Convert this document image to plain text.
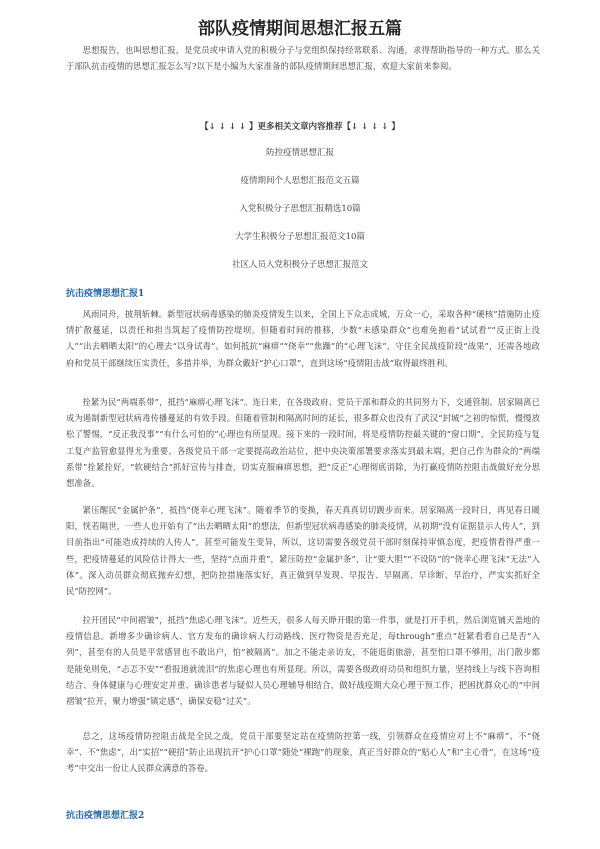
部队疫情期间思想汇报五篇

思想报告，也叫思想汇报，是党员或申请入党的积极分子与党组织保持经常联系、沟通，求得帮助指导的一种方式。那么关于部队抗击疫情的思想汇报怎么写?以下是小编为大家准备的部队疫情期间思想汇报，欢迎大家前来参阅。

【↓ ↓ ↓ ↓ 】更多相关文章内容推荐【↓ ↓ ↓ ↓ 】

防控疫情思想汇报

疫情期间个人思想汇报范文五篇

入党积极分子思想汇报精选10篇

大学生积极分子思想汇报范文10篇

社区人员入党积极分子思想汇报范文

抗击疫情思想汇报1

风雨同舟，披荆斩棘。新型冠状病毒感染的肺炎疫情发生以来，全国上下众志成城，万众一心，采取各种“硬核”措施防止疫情扩散蔓延，以责任和担当筑起了疫情防控堤坝。但随着时间的推移，少数“未感染群众”也难免抱着“试试看”“反正街上没人”“出去晒晒太阳”的心理去“以身试毒”。如何抵抗“麻痹”“侥幸”“焦躁”的“心理飞沫”，守住全民战疫阶段“战果”，还需各地政府和党员干部继续压实责任，多措并举，为群众戴好“护心口罩”，直到这场“疫情阻击战”取得最终胜利。

拴紧为民“两端系带”，抵挡“麻痹心理飞沫”。连日来，在各级政府、党员干部和群众的共同努力下，交通管制、居家隔离已成为遏制新型冠状病毒传播蔓延的有效手段。但随着管制和隔离时间的延长，很多群众也没有了武汉“封城”之初的惊慌，慢慢放松了警惕，“反正我没事”“有什么可怕的”心理也有所显现。接下来的一段时间，将是疫情防控最关键的“窗口期”，全民防疫与复工复产监管愈显得尤为重要。各级党员干部一定要提高政治站位，把中央决策部署要求落实到最末端，把自己作为群众的“两端系带”拴紧拴好，“软硬结合”抓好宣传与排查，切实克服麻痹思想，把“反正”心理彻底消除，为打赢疫情防控阻击战做好充分思想准备。

紧压醒民“金属护条”，抵挡“侥幸心理飞沫”。随着季节的变换，春天真真切切踱步而来。居家隔离一段时日，再见春日暖阳，恍若隔世，一些人也开始有了“出去晒晒太阳”的想法，但新型冠状病毒感染的肺炎疫情，从初期“没有证据显示人传人”，到目前指出“可能造成持续的人传人”，甚至可能发生变异，所以，这切需要各级党员干部时刻保持审慎态度，把疫情看得严重一些，把疫情蔓延的风险估计得大一些，坚持“点面并重”，紧压防控“金属护条”，让“要大胆”“不设防”的“侥幸心理飞沫”无法“入体”。深入动员群众彻底抛弃幻想，把防控措施落实好，真正做到早发现、早报告、早隔离、早诊断、早治疗，严实实抓好全民“防控网”。

拉开团民“中间褶皱”，抵挡“焦虑心理飞沫”。近些天，很多人每天睁开眼的第一件事，就是打开手机，然后浏览铺天盖地的疫情信息。新增多少确诊病人、官方发布的确诊病人行动路线、医疗物资是否充足，每through“重点”赶紧看看自己是否“入列”，甚至有的人员是平常感冒也不敢出户，怕“被隔离”。加之不能走亲访友，不能逛街旅游，甚至怕口罩不够用，出门散步都是能免则免，“忐忑不安”“看报道就流泪”的焦虑心理也有所显现。所以，需要各级政府动员和组织力量，坚持线上与线下咨询相结合、身体健康与心理安定并重、确诊患者与疑似人员心理辅导相结合，做好战疫期大众心理干预工作，把困扰群众心的“中间褶皱”拉开，聚力增强“镇定感”，确保安稳“过关”。

总之，这场疫情防控阻击战是全民之战，党员干部要坚定站在疫情防控第一线，引领群众在疫情应对上不“麻痹”、不“侥幸”、不“焦虑”，出“实招”“硬招”防止出现抗开“护心口罩”随处“裸跑”的现象，真正当好群众的“贴心人”和“主心骨”，在这场“疫考”中交出一份让人民群众满意的答卷。

抗击疫情思想汇报2
